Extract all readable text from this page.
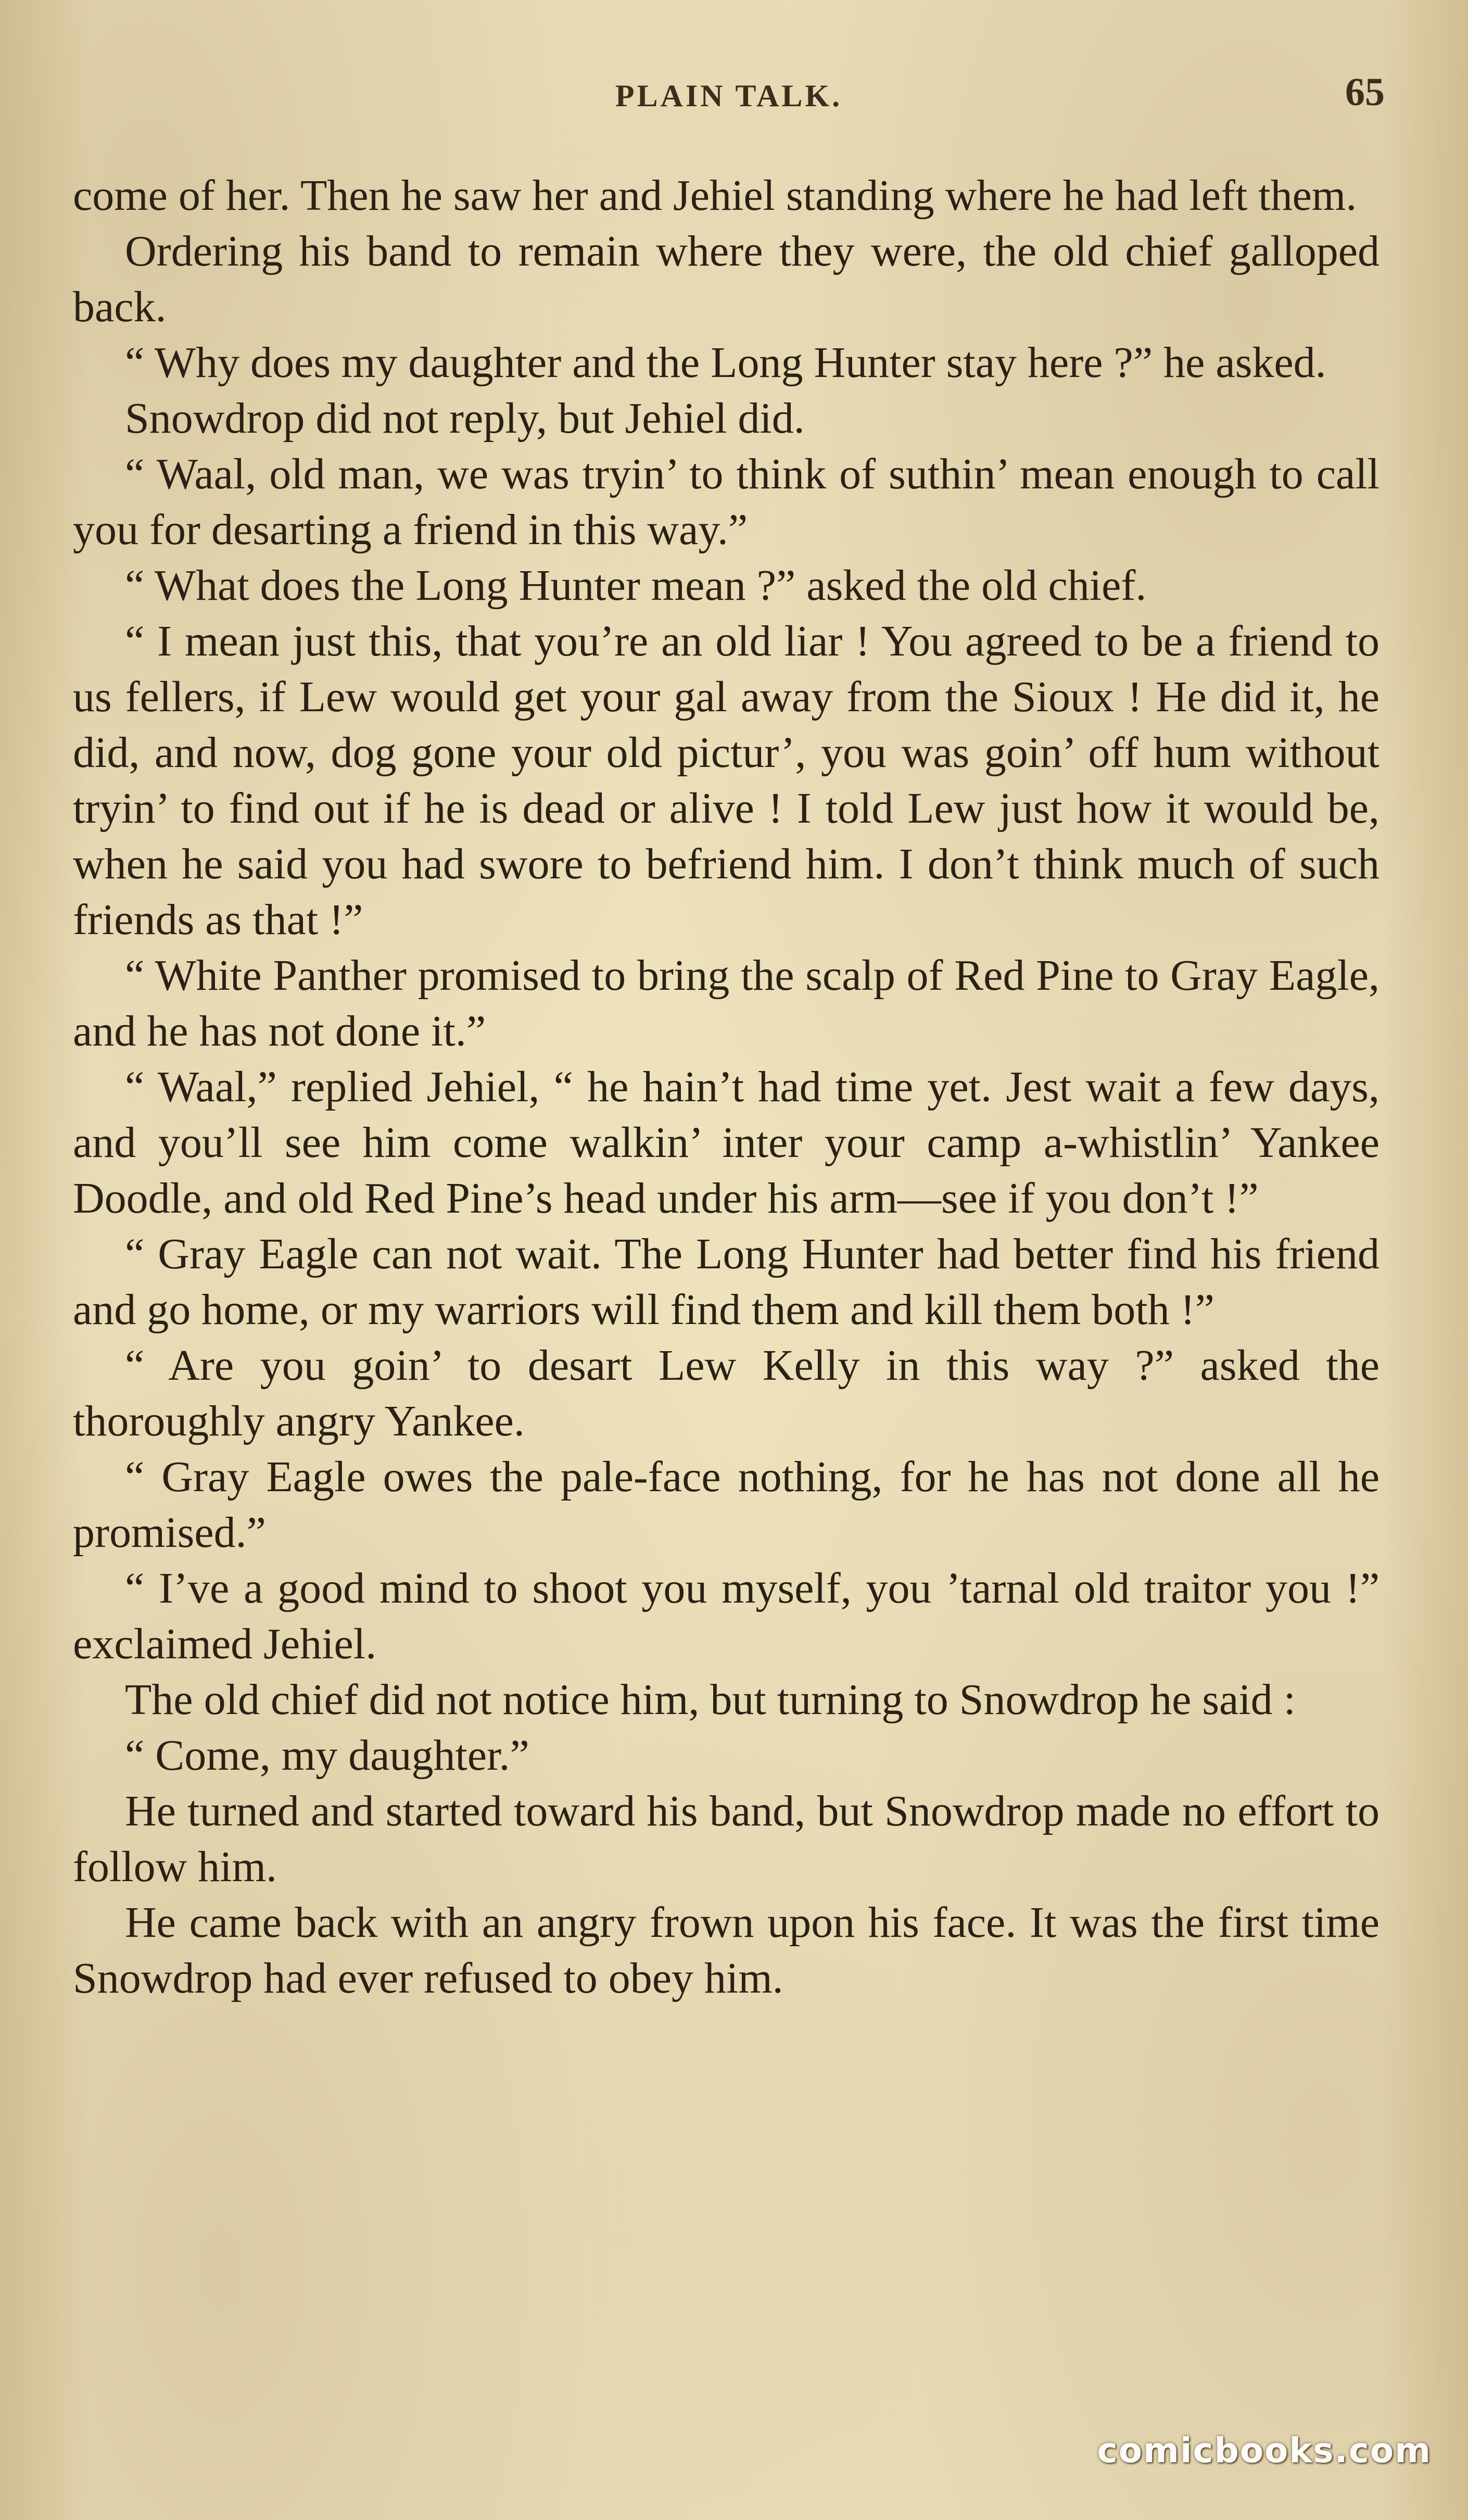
PLAIN TALK.	65

come of her. Then he saw her and Jehiel standing where he had left them.

Ordering his band to remain where they were, the old chief galloped back.

“ Why does my daughter and the Long Hunter stay here ?” he asked.

Snowdrop did not reply, but Jehiel did.

“ Waal, old man, we was tryin’ to think of suthin’ mean enough to call you for desarting a friend in this way.”

“ What does the Long Hunter mean ?” asked the old chief.

“ I mean just this, that you’re an old liar ! You agreed to be a friend to us fellers, if Lew would get your gal away from the Sioux ! He did it, he did, and now, dog gone your old pictur’, you was goin’ off hum without tryin’ to find out if he is dead or alive ! I told Lew just how it would be, when he said you had swore to befriend him. I don’t think much of such friends as that !”

“ White Panther promised to bring the scalp of Red Pine to Gray Eagle, and he has not done it.”

“ Waal,” replied Jehiel, “ he hain’t had time yet. Jest wait a few days, and you’ll see him come walkin’ inter your camp a-whistlin’ Yankee Doodle, and old Red Pine’s head under his arm—see if you don’t !”

“ Gray Eagle can not wait. The Long Hunter had better find his friend and go home, or my warriors will find them and kill them both !”

“ Are you goin’ to desart Lew Kelly in this way ?” asked the thoroughly angry Yankee.

“ Gray Eagle owes the pale-face nothing, for he has not done all he promised.”

“ I’ve a good mind to shoot you myself, you ’tarnal old traitor you !” exclaimed Jehiel.

The old chief did not notice him, but turning to Snowdrop he said :

“ Come, my daughter.”

He turned and started toward his band, but Snowdrop made no effort to follow him.

He came back with an angry frown upon his face. It was the first time Snowdrop had ever refused to obey him.

comicbooks.com
